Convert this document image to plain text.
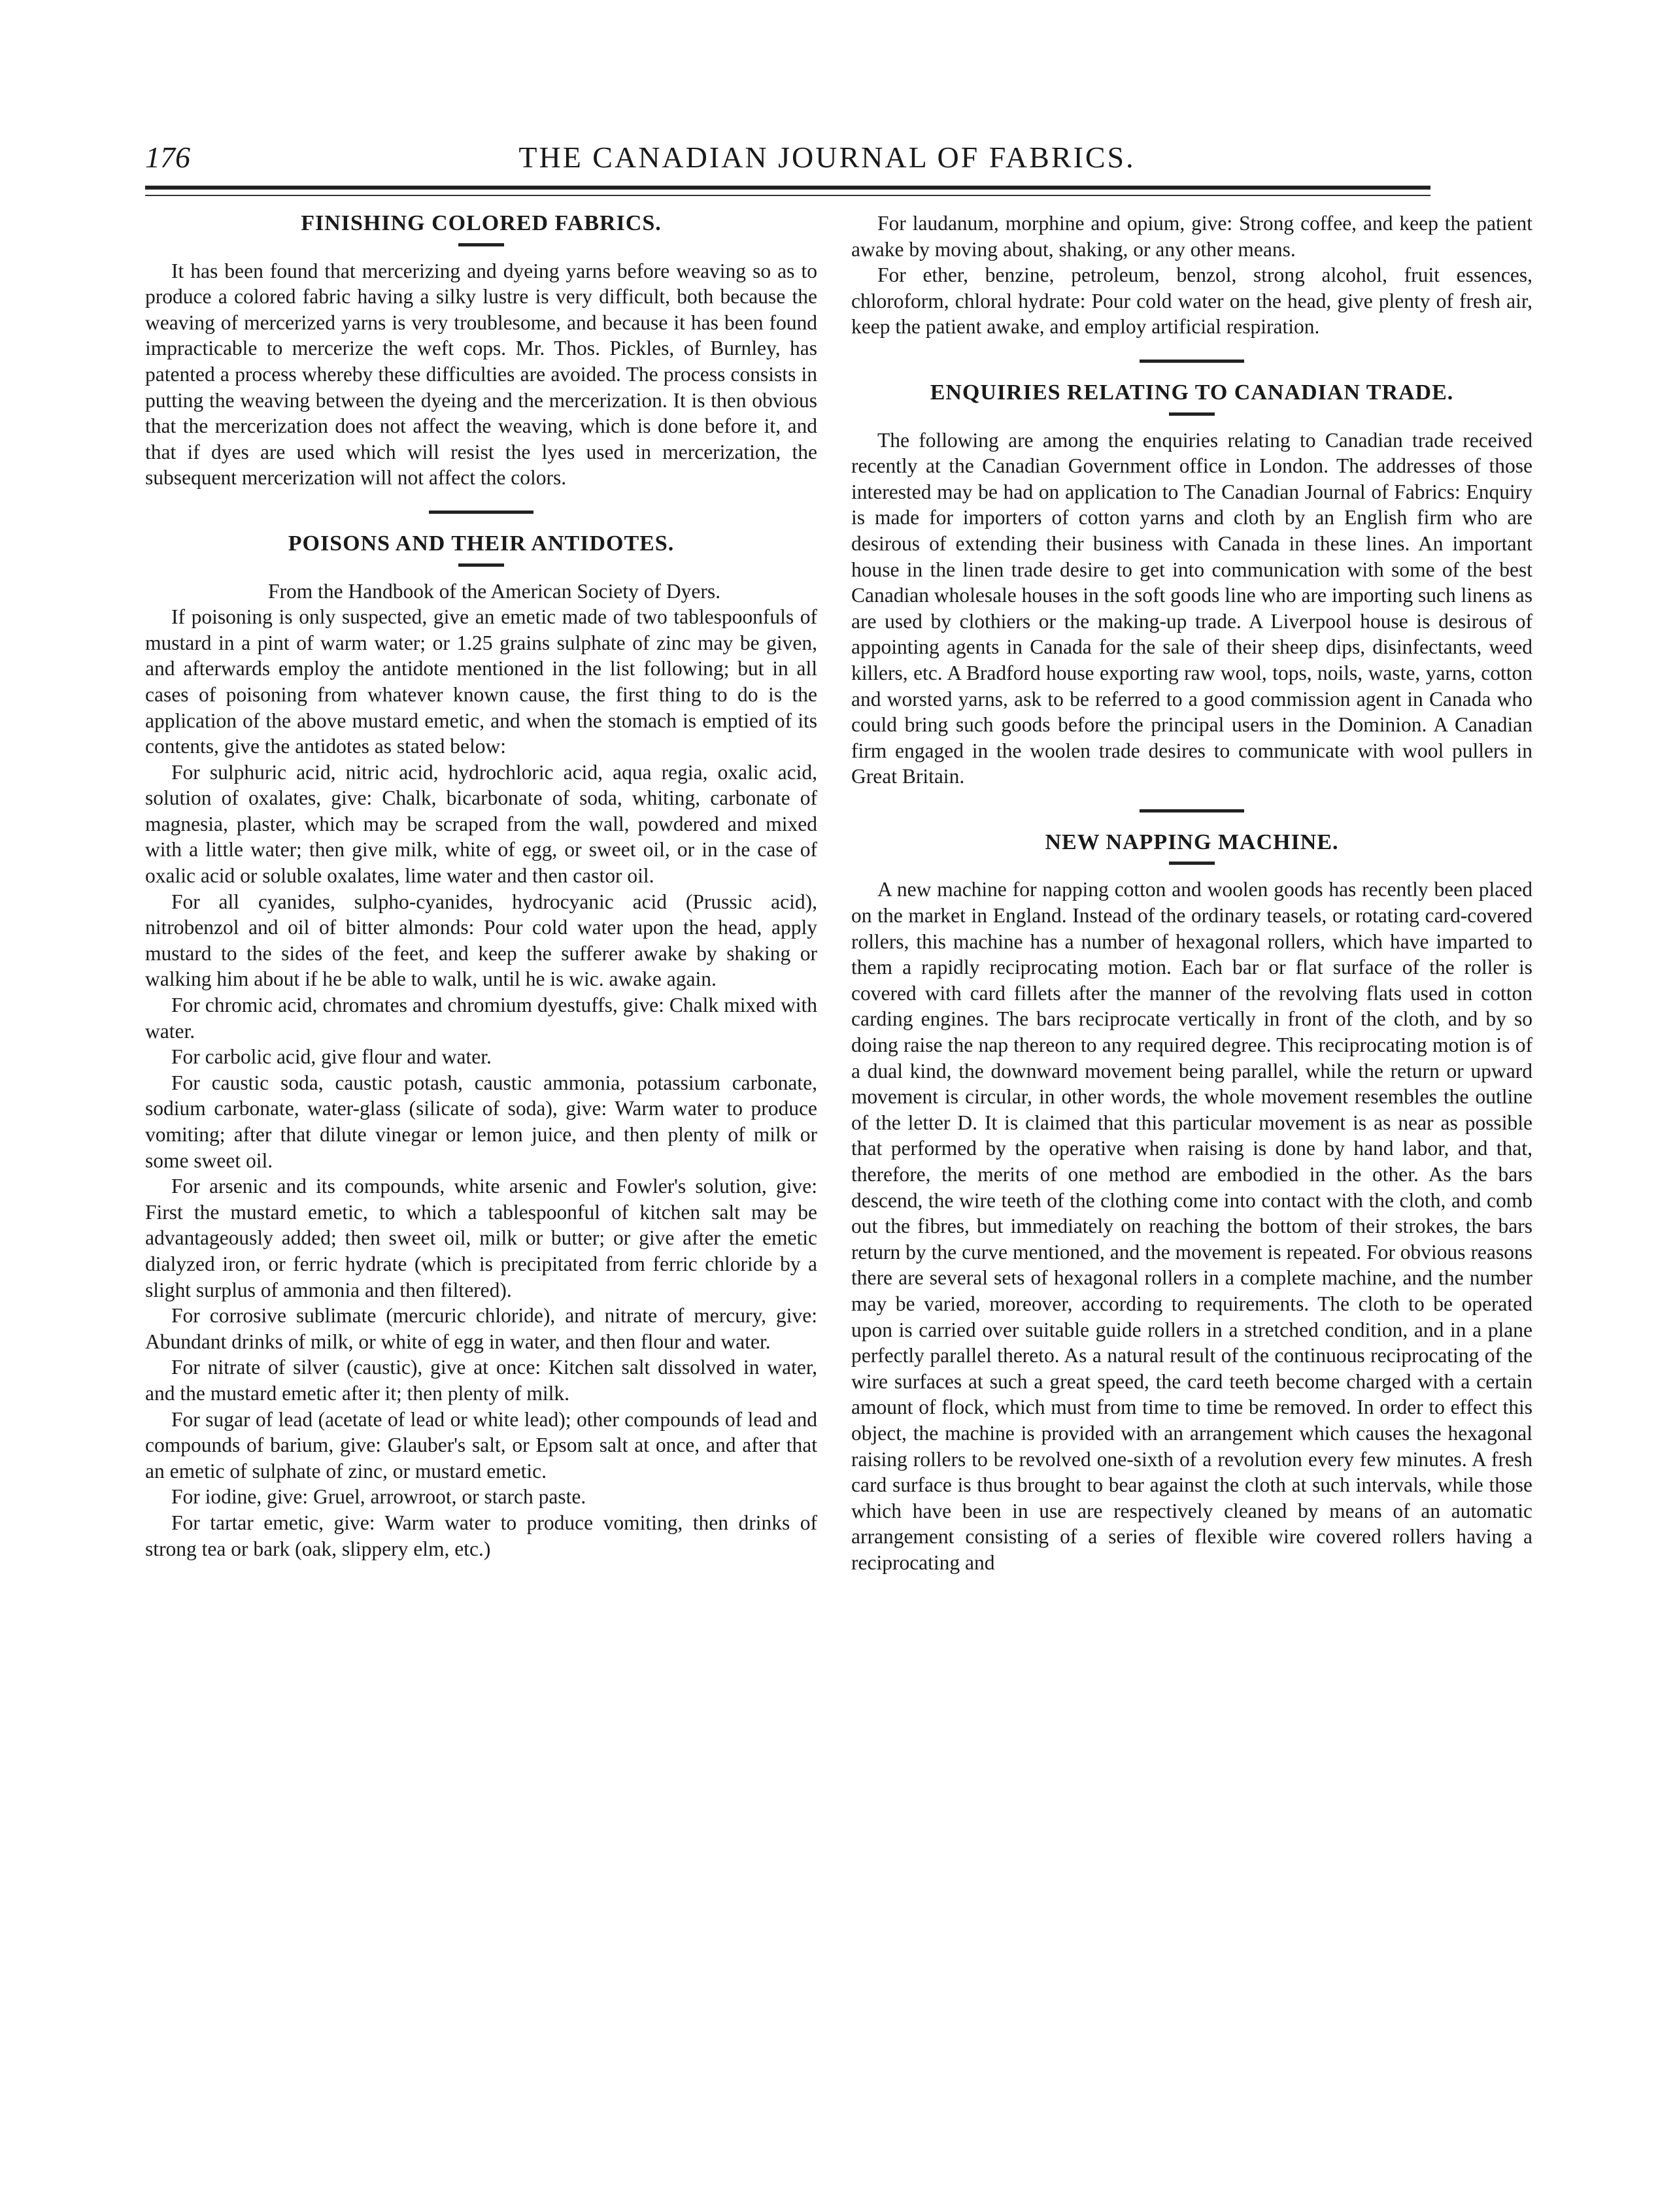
176	THE CANADIAN JOURNAL OF FABRICS.
FINISHING COLORED FABRICS.

It has been found that mercerizing and dyeing yarns before weaving so as to produce a colored fabric having a silky lustre is very difficult, both because the weaving of mercerized yarns is very troublesome, and because it has been found impracticable to mercerize the weft cops. Mr. Thos. Pickles, of Burnley, has patented a process whereby these difficulties are avoided. The process consists in putting the weaving between the dyeing and the mercerization. It is then obvious that the mercerization does not affect the weaving, which is done before it, and that if dyes are used which will resist the lyes used in mercerization, the subsequent mercerization will not affect the colors.

POISONS AND THEIR ANTIDOTES.

From the Handbook of the American Society of Dyers.

If poisoning is only suspected, give an emetic made of two tablespoonfuls of mustard in a pint of warm water; or 1.25 grains sulphate of zinc may be given, and afterwards employ the antidote mentioned in the list following; but in all cases of poisoning from whatever known cause, the first thing to do is the application of the above mustard emetic, and when the stomach is emptied of its contents, give the antidotes as stated below:

For sulphuric acid, nitric acid, hydrochloric acid, aqua regia, oxalic acid, solution of oxalates, give: Chalk, bicarbonate of soda, whiting, carbonate of magnesia, plaster, which may be scraped from the wall, powdered and mixed with a little water; then give milk, white of egg, or sweet oil, or in the case of oxalic acid or soluble oxalates, lime water and then castor oil.

For all cyanides, sulpho-cyanides, hydrocyanic acid (Prussic acid), nitrobenzol and oil of bitter almonds: Pour cold water upon the head, apply mustard to the sides of the feet, and keep the sufferer awake by shaking or walking him about if he be able to walk, until he is wic. awake again.

For chromic acid, chromates and chromium dyestuffs, give: Chalk mixed with water.

For carbolic acid, give flour and water.

For caustic soda, caustic potash, caustic ammonia, potassium carbonate, sodium carbonate, water-glass (silicate of soda), give: Warm water to produce vomiting; after that dilute vinegar or lemon juice, and then plenty of milk or some sweet oil.

For arsenic and its compounds, white arsenic and Fowler's solution, give: First the mustard emetic, to which a tablespoonful of kitchen salt may be advantageously added; then sweet oil, milk or butter; or give after the emetic dialyzed iron, or ferric hydrate (which is precipitated from ferric chloride by a slight surplus of ammonia and then filtered).

For corrosive sublimate (mercuric chloride), and nitrate of mercury, give: Abundant drinks of milk, or white of egg in water, and then flour and water.

For nitrate of silver (caustic), give at once: Kitchen salt dissolved in water, and the mustard emetic after it; then plenty of milk.

For sugar of lead (acetate of lead or white lead); other compounds of lead and compounds of barium, give: Glauber's salt, or Epsom salt at once, and after that an emetic of sulphate of zinc, or mustard emetic.

For iodine, give: Gruel, arrowroot, or starch paste.

For tartar emetic, give: Warm water to produce vomiting, then drinks of strong tea or bark (oak, slippery elm, etc.)

For laudanum, morphine and opium, give: Strong coffee, and keep the patient awake by moving about, shaking, or any other means.

For ether, benzine, petroleum, benzol, strong alcohol, fruit essences, chloroform, chloral hydrate: Pour cold water on the head, give plenty of fresh air, keep the patient awake, and employ artificial respiration.

ENQUIRIES RELATING TO CANADIAN TRADE.

The following are among the enquiries relating to Canadian trade received recently at the Canadian Government office in London. The addresses of those interested may be had on application to The Canadian Journal of Fabrics: Enquiry is made for importers of cotton yarns and cloth by an English firm who are desirous of extending their business with Canada in these lines. An important house in the linen trade desire to get into communication with some of the best Canadian wholesale houses in the soft goods line who are importing such linens as are used by clothiers or the making-up trade. A Liverpool house is desirous of appointing agents in Canada for the sale of their sheep dips, disinfectants, weed killers, etc. A Bradford house exporting raw wool, tops, noils, waste, yarns, cotton and worsted yarns, ask to be referred to a good commission agent in Canada who could bring such goods before the principal users in the Dominion. A Canadian firm engaged in the woolen trade desires to communicate with wool pullers in Great Britain.

NEW NAPPING MACHINE.

A new machine for napping cotton and woolen goods has recently been placed on the market in England. Instead of the ordinary teasels, or rotating card-covered rollers, this machine has a number of hexagonal rollers, which have imparted to them a rapidly reciprocating motion. Each bar or flat surface of the roller is covered with card fillets after the manner of the revolving flats used in cotton carding engines. The bars reciprocate vertically in front of the cloth, and by so doing raise the nap thereon to any required degree. This reciprocating motion is of a dual kind, the downward movement being parallel, while the return or upward movement is circular, in other words, the whole movement resembles the outline of the letter D. It is claimed that this particular movement is as near as possible that performed by the operative when raising is done by hand labor, and that, therefore, the merits of one method are embodied in the other. As the bars descend, the wire teeth of the clothing come into contact with the cloth, and comb out the fibres, but immediately on reaching the bottom of their strokes, the bars return by the curve mentioned, and the movement is repeated. For obvious reasons there are several sets of hexagonal rollers in a complete machine, and the number may be varied, moreover, according to requirements. The cloth to be operated upon is carried over suitable guide rollers in a stretched condition, and in a plane perfectly parallel thereto. As a natural result of the continuous reciprocating of the wire surfaces at such a great speed, the card teeth become charged with a certain amount of flock, which must from time to time be removed. In order to effect this object, the machine is provided with an arrangement which causes the hexagonal raising rollers to be revolved one-sixth of a revolution every few minutes. A fresh card surface is thus brought to bear against the cloth at such intervals, while those which have been in use are respectively cleaned by means of an automatic arrangement consisting of a series of flexible wire covered rollers having a reciprocating and
